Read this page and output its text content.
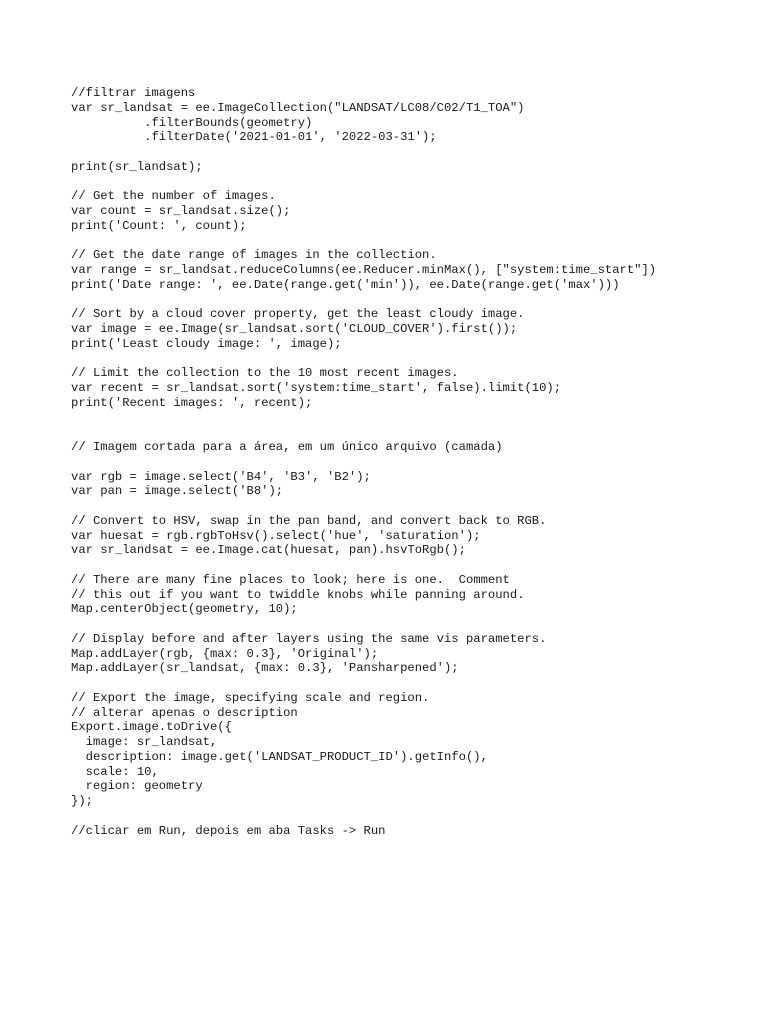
//filtrar imagens
var sr_landsat = ee.ImageCollection("LANDSAT/LC08/C02/T1_TOA")
.filterBounds(geometry)
.filterDate('2021-01-01', '2022-03-31');
print(sr_landsat);
// Get the number of images.
var count = sr_landsat.size();
print('Count: ', count);
// Get the date range of images in the collection.
var range = sr_landsat.reduceColumns(ee.Reducer.minMax(), ["system:time_start"])
print('Date range: ', ee.Date(range.get('min')), ee.Date(range.get('max')))
// Sort by a cloud cover property, get the least cloudy image.
var image = ee.Image(sr_landsat.sort('CLOUD_COVER').first());
print('Least cloudy image: ', image);
// Limit the collection to the 10 most recent images.
var recent = sr_landsat.sort('system:time_start', false).limit(10);
print('Recent images: ', recent);
// Imagem cortada para a área, em um único arquivo (camada)
var rgb = image.select('B4', 'B3', 'B2');
var pan = image.select('B8');
// Convert to HSV, swap in the pan band, and convert back to RGB.
var huesat = rgb.rgbToHsv().select('hue', 'saturation');
var sr_landsat = ee.Image.cat(huesat, pan).hsvToRgb();
// There are many fine places to look; here is one.  Comment
// this out if you want to twiddle knobs while panning around.
Map.centerObject(geometry, 10);
// Display before and after layers using the same vis parameters.
Map.addLayer(rgb, {max: 0.3}, 'Original');
Map.addLayer(sr_landsat, {max: 0.3}, 'Pansharpened');
// Export the image, specifying scale and region.
// alterar apenas o description
Export.image.toDrive({
image: sr_landsat,
description: image.get('LANDSAT_PRODUCT_ID').getInfo(),
scale: 10,
region: geometry
});
//clicar em Run, depois em aba Tasks -> Run
